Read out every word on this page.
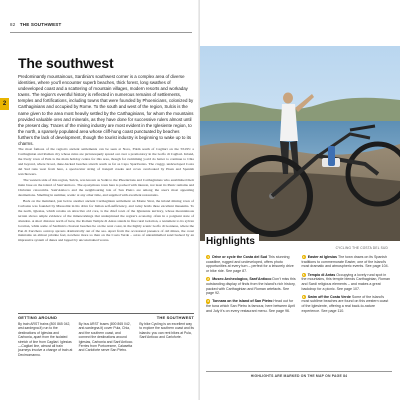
82 THE SOUTHWEST
2
The southwest

Predominantly mountainous, Sardinia's southwest corner is a complex area of diverse identities, where you'll encounter superb beaches, thick forest, long swathes of undeveloped coast and a scattering of mountain villages, modern resorts and workaday towns. The region's eventful history is reflected in numerous remains of settlements, temples and fortifications, including towns that were founded by Phoenicians, colonized by Carthaginians and occupied by Rome. To the south and west of the region, Sulcis is the name given to the area most heavily settled by the Carthaginians, for whom the mountains provided valuable ores and minerals, as they have done for successive rulers almost until the present day. Traces of the mining industry are most evident in the Iglesiente region, to the north, a sparsely populated area whose cliff-hung coast punctuated by beaches furthers the lack of development, though the tourist industry is beginning to wake up to its charms.

The most famous of the region's ancient settlements can be seen at Nora, 35km south of Cagliari on the SS195: a Carthaginian and Roman city whose ruins are picturesquely spread out over a promontory in the Golfo di Cagliari. Inland, the lively town of Pula is the main holiday centre for this area, though for swimming you'd do better to continue to Chia and beyond, where broad, dune-backed beaches stretch south as far as Capo Spartivento. The craggy, undeveloped Costa del Sud runs west from here, a spectacular string of tranquil creeks and coves overlooked by Pisan and Spanish watchtowers.

The western side of this region, Sulcis, was known as Solki to the Phoenicians and Carthaginians who established their main base on the island of Sant'Antioco. The eponymous town here is packed with interest, not least its Punic remains and Christian catacombs. Sant'Antioco and the neighbouring isle of San Pietro are among the area's most appealing destinations. Smelling in summer, scenic at any other time, and supplied with excellent restaurants.

Back on the mainland, just below another ancient Carthaginian settlement on Monte Sirai, the inland mining town of Carbonia was founded by Mussolini in his drive for Italian self-sufficiency, and today holds three excellent museums. To the north, Iglesias, which retains an attractive old core, is the chief town of the Iglesiente territory, whose mountainous terrain shows ample evidence of the mineworkings that underpinned the region's economy, often in a poignant state of abandon. A short distance north of here, the Roman Temple di Antas stands in fine rural isolation, a testament to its sylvan location, while some of Sardinia's choicest beaches lie on the west coast, in the highly scenic Golfo di Gonnesa, where the Pan di Zucchero outcrop sprouts dramatically out of the sea. Apart from the occasional presence of old mines, the coast maintains an almost pristine feel, nowhere more so than on the Costa Verde – acres of untrammelled sand backed by an impressive system of dunes and lapped by unconstrained waves.

GETTING AROUND	THE SOUTHWEST
By train ARST trains (800 865 042, arst.sardegna.it) run to the destinations of Iglesias and Carbonia, apart from the isolated stretch of line from Cagliari. Iglesias—Cagliari line, almost all train journeys involve a change of train at Decimomannu.
By bus ARST buses (800 865 042, arst.sardegna.it) cover Pula, Chia, and the southern coast, and connect the destinations around Iglesias, Carbonia and Sant'Antioco. Ferries from Portovesme, Calasetta and Carloforte serve San Pietro.
By bike Cycling is an excellent way to explore the southern coast and its islands: you can rent bikes at Pula, Sant'Antioco and Carloforte.
CYCLING THE COSTA DEL SUD
Highlights
1 Drive or cycle the Costa del Sud This stunning coastline, rugged and undeveloped, offers photo opportunities at every turn – perfect for a leisurely drive or bike ride. See page 87.
2 Museo Archeologico, Sant'Antioco Don't miss this outstanding display of finds from the island's rich history, packed with Carthaginian and Roman artefacts. See page 92.
3 Tonnara on the island of San Pietro Head out for the tuna which San Pietro is famous; here between April and July it's on every restaurant menu. See page 96.
4 Easter at Iglesias The town draws on its Spanish traditions to commemorate Easter, one of the island's most dramatic and atmospheric events. See page 104.
5 Tempio di Antas Occupying a lovely rural spot in the mountains, this temple blends Carthaginian, Roman and Sardi religious elements – and makes a great backdrop for a picnic. See page 107.
6 Swim off the Costa Verde Some of the island's most sublime beaches are found on this western coast of the Iglesiente, offering a real back-to-nature experience. See page 110.
HIGHLIGHTS ARE MARKED ON THE MAP ON PAGE 84
